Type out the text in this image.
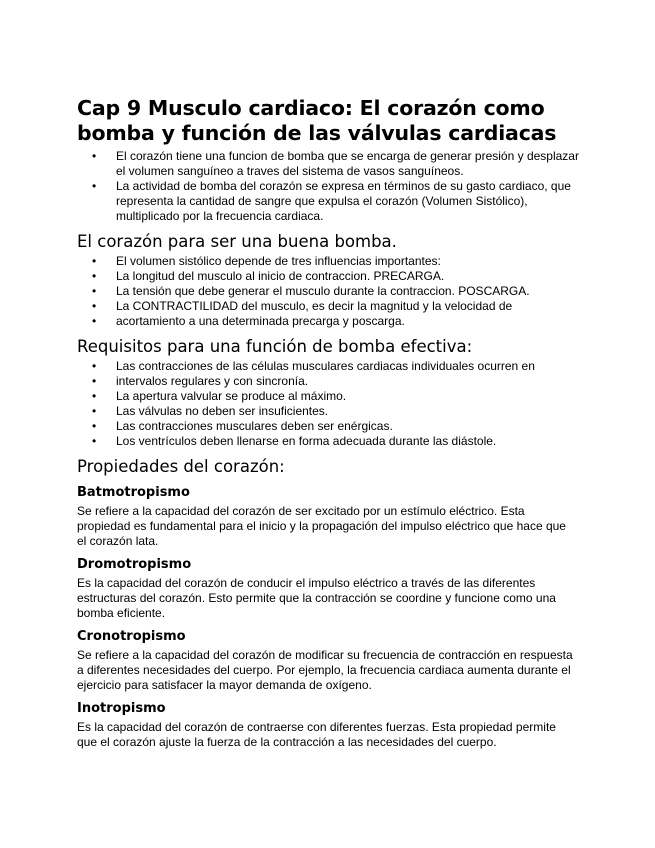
Cap 9 Musculo cardiaco: El corazón como bomba y función de las válvulas cardiacas
• El corazón tiene una funcion de bomba que se encarga de generar presión y desplazar el volumen sanguíneo a traves del sistema de vasos sanguíneos.
• La actividad de bomba del corazón se expresa en términos de su gasto cardiaco, que representa la cantidad de sangre que expulsa el corazón (Volumen Sistólico), multiplicado por la frecuencia cardiaca.
El corazón para ser una buena bomba.
• El volumen sistólico depende de tres influencias importantes:
• La longitud del musculo al inicio de contraccion. PRECARGA.
• La tensión que debe generar el musculo durante la contraccion. POSCARGA.
• La CONTRACTILIDAD del musculo, es decir la magnitud y la velocidad de
• acortamiento a una determinada precarga y poscarga.
Requisitos para una función de bomba efectiva:
• Las contracciones de las células musculares cardiacas individuales ocurren en
• intervalos regulares y con sincronía.
• La apertura valvular se produce al máximo.
• Las válvulas no deben ser insuficientes.
• Las contracciones musculares deben ser enérgicas.
• Los ventrículos deben llenarse en forma adecuada durante las diástole.
Propiedades del corazón:
Batmotropismo

Se refiere a la capacidad del corazón de ser excitado por un estímulo eléctrico. Esta propiedad es fundamental para el inicio y la propagación del impulso eléctrico que hace que el corazón lata.

Dromotropismo

Es la capacidad del corazón de conducir el impulso eléctrico a través de las diferentes estructuras del corazón. Esto permite que la contracción se coordine y funcione como una bomba eficiente.

Cronotropismo

Se refiere a la capacidad del corazón de modificar su frecuencia de contracción en respuesta a diferentes necesidades del cuerpo. Por ejemplo, la frecuencia cardiaca aumenta durante el ejercicio para satisfacer la mayor demanda de oxígeno.

Inotropismo

Es la capacidad del corazón de contraerse con diferentes fuerzas. Esta propiedad permite que el corazón ajuste la fuerza de la contracción a las necesidades del cuerpo.
